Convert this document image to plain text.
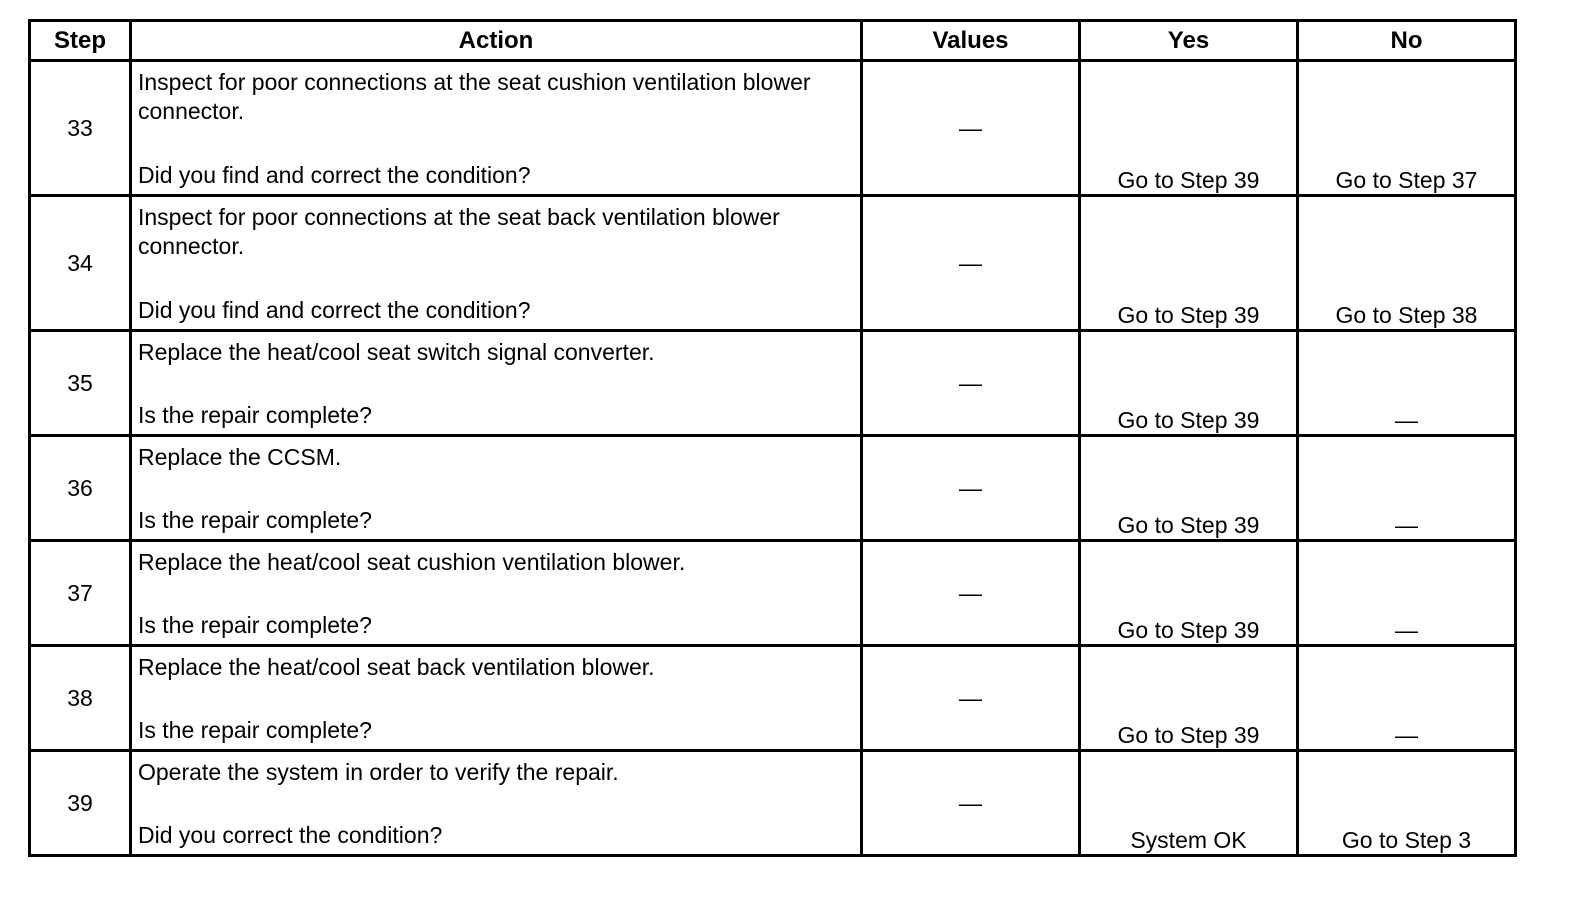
Step	Action	Values	Yes	No
33	Inspect for poor connections at the seat cushion ventilation blower connector.
Did you find and correct the condition?	—	Go to Step 39	Go to Step 37
34	Inspect for poor connections at the seat back ventilation blower connector.
Did you find and correct the condition?	—	Go to Step 39	Go to Step 38
35	Replace the heat/cool seat switch signal converter.
Is the repair complete?	—	Go to Step 39	—
36	Replace the CCSM.
Is the repair complete?	—	Go to Step 39	—
37	Replace the heat/cool seat cushion ventilation blower.
Is the repair complete?	—	Go to Step 39	—
38	Replace the heat/cool seat back ventilation blower.
Is the repair complete?	—	Go to Step 39	—
39	Operate the system in order to verify the repair.
Did you correct the condition?	—	System OK	Go to Step 3
